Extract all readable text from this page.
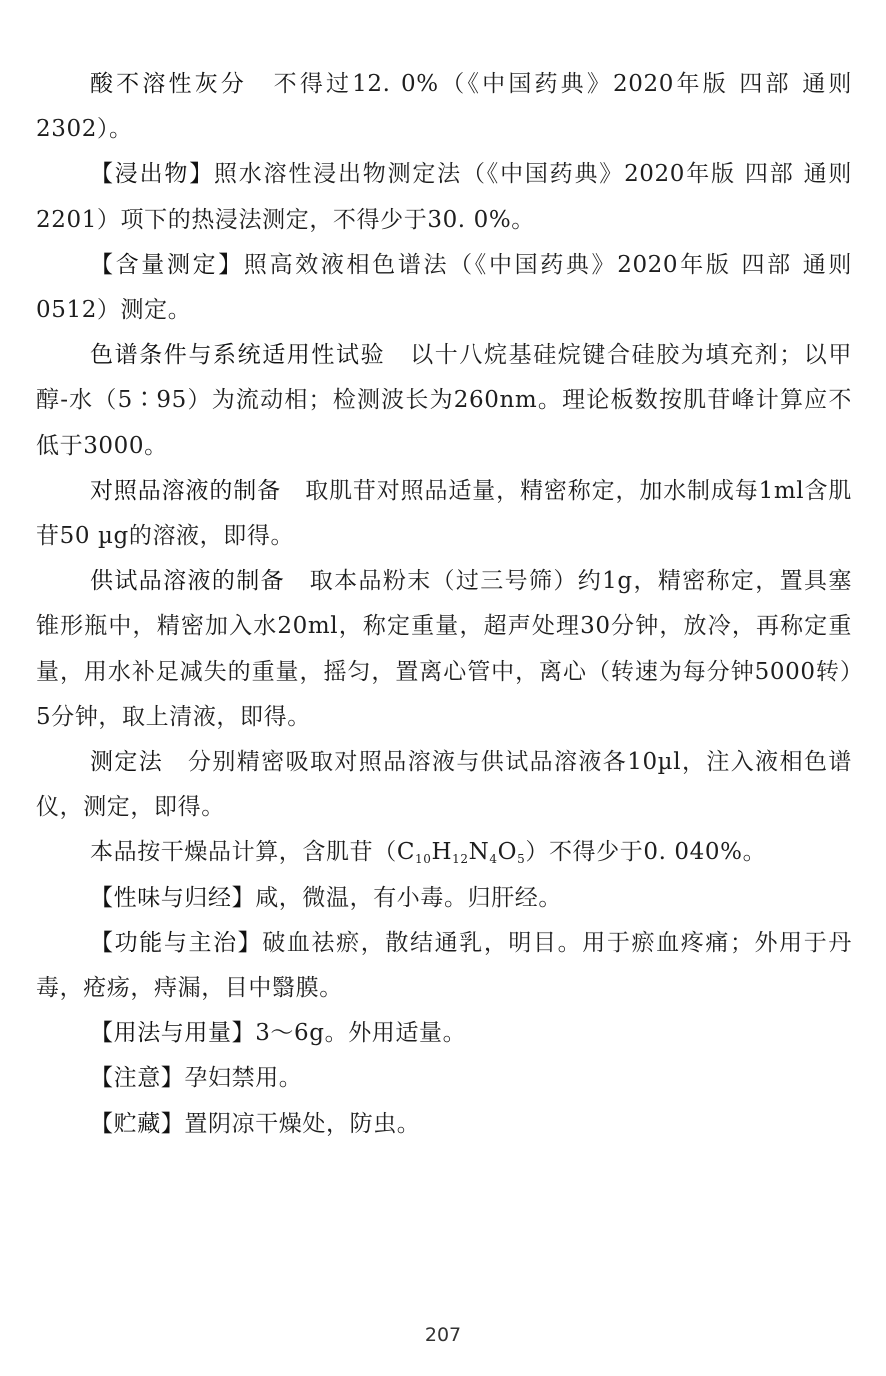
酸不溶性灰分 不得过12. 0%（《中国药典》2020年版 四部 通则2302）。

【浸出物】照水溶性浸出物测定法（《中国药典》2020年版 四部 通则 2201）项下的热浸法测定，不得少于30. 0%。

【含量测定】照高效液相色谱法（《中国药典》2020年版 四部 通则0512）测定。

色谱条件与系统适用性试验 以十八烷基硅烷键合硅胶为填充剂；以甲醇-水（5∶95）为流动相；检测波长为260nm。理论板数按肌苷峰计算应不低于3000。

对照品溶液的制备 取肌苷对照品适量，精密称定，加水制成每1ml含肌苷50 µg的溶液，即得。

供试品溶液的制备 取本品粉末（过三号筛）约1g，精密称定，置具塞锥形瓶中，精密加入水20ml，称定重量，超声处理30分钟，放冷，再称定重量，用水补足减失的重量，摇匀，置离心管中，离心（转速为每分钟5000转）5分钟，取上清液，即得。

测定法 分别精密吸取对照品溶液与供试品溶液各10µl，注入液相色谱仪，测定，即得。

本品按干燥品计算，含肌苷$(C_{10}H_{12}N_4O_5)$不得少于0. 040%。

【性味与归经】咸，微温，有小毒。归肝经。

【功能与主治】破血祛瘀，散结通乳，明目。用于瘀血疼痛；外用于丹毒，疮疡，痔漏，目中翳膜。

【用法与用量】3～6g。外用适量。

【注意】孕妇禁用。

【贮藏】置阴凉干燥处，防虫。

207
